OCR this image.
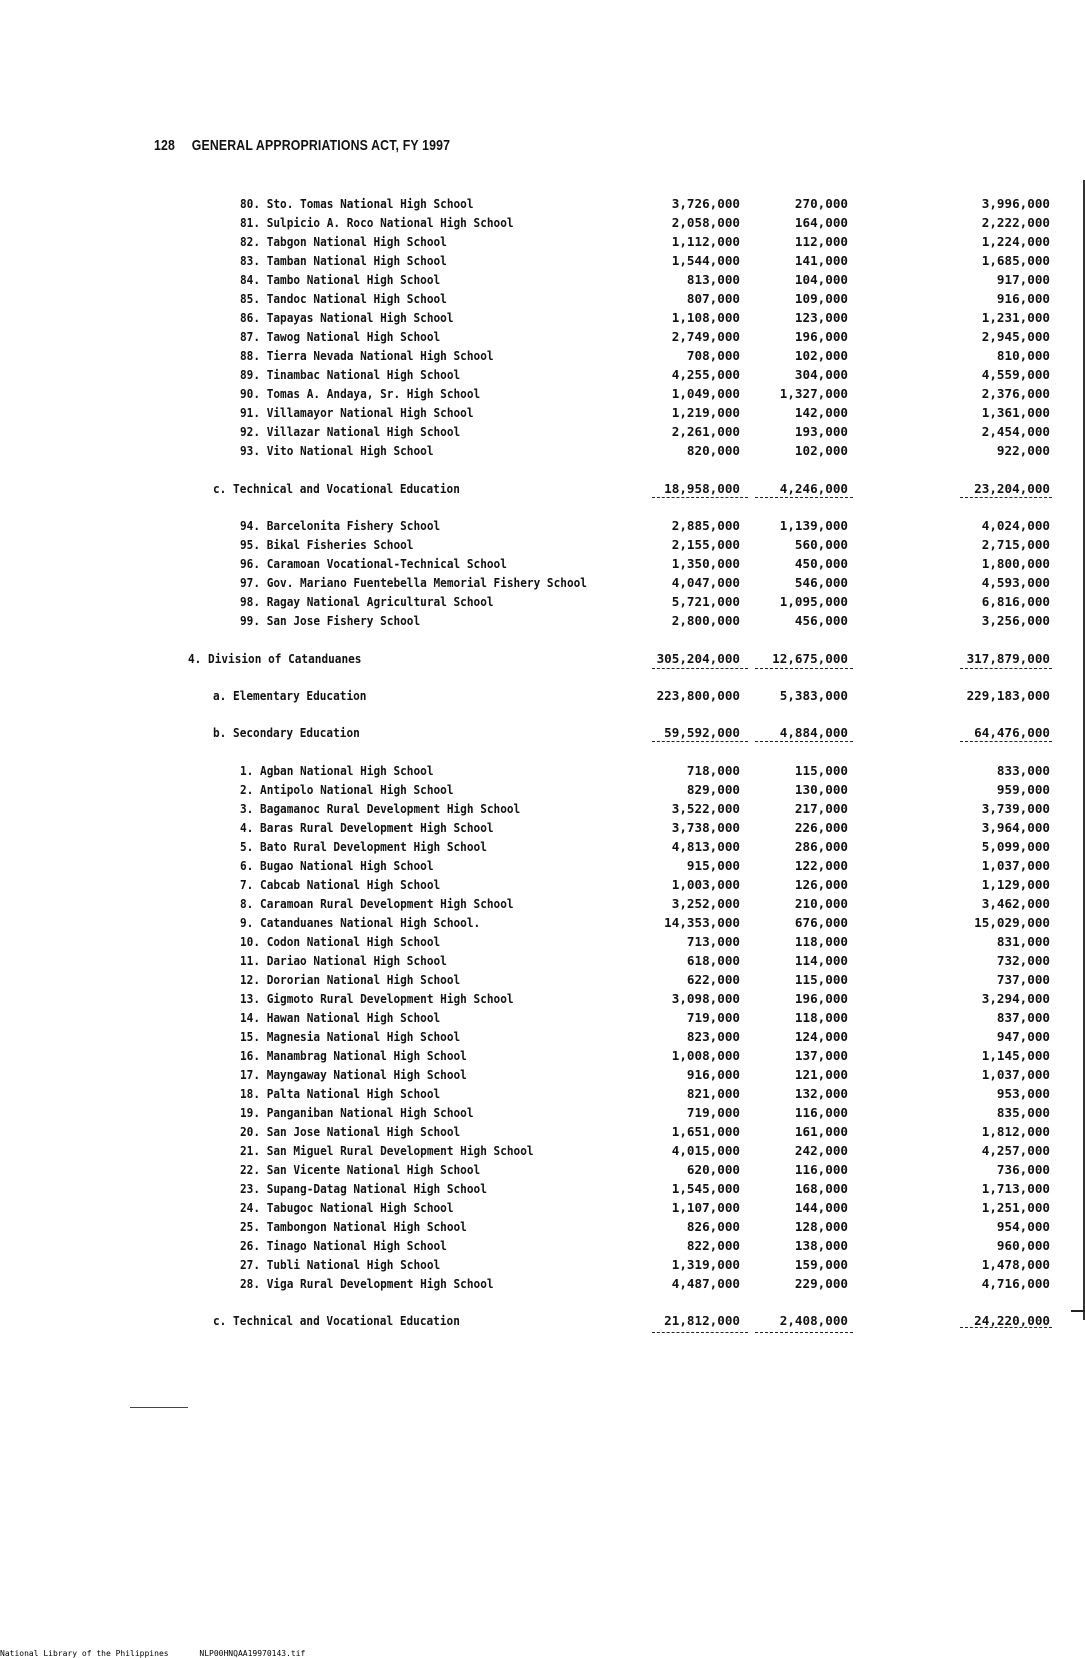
128 GENERAL APPROPRIATIONS ACT, FY 1997
80. Sto. Tomas National High School	3,726,000	270,000	3,996,000
81. Sulpicio A. Roco National High School	2,058,000	164,000	2,222,000
82. Tabgon National High School	1,112,000	112,000	1,224,000
83. Tamban National High School	1,544,000	141,000	1,685,000
84. Tambo National High School	813,000	104,000	917,000
85. Tandoc National High School	807,000	109,000	916,000
86. Tapayas National High School	1,108,000	123,000	1,231,000
87. Tawog National High School	2,749,000	196,000	2,945,000
88. Tierra Nevada National High School	708,000	102,000	810,000
89. Tinambac National High School	4,255,000	304,000	4,559,000
90. Tomas A. Andaya, Sr. High School	1,049,000	1,327,000	2,376,000
91. Villamayor National High School	1,219,000	142,000	1,361,000
92. Villazar National High School	2,261,000	193,000	2,454,000
93. Vito National High School	820,000	102,000	922,000
c. Technical and Vocational Education	18,958,000	4,246,000	23,204,000
94. Barcelonita Fishery School	2,885,000	1,139,000	4,024,000
95. Bikal Fisheries School	2,155,000	560,000	2,715,000
96. Caramoan Vocational-Technical School	1,350,000	450,000	1,800,000
97. Gov. Mariano Fuentebella Memorial Fishery School	4,047,000	546,000	4,593,000
98. Ragay National Agricultural School	5,721,000	1,095,000	6,816,000
99. San Jose Fishery School	2,800,000	456,000	3,256,000
4. Division of Catanduanes	305,204,000	12,675,000	317,879,000
a. Elementary Education	223,800,000	5,383,000	229,183,000
b. Secondary Education	59,592,000	4,884,000	64,476,000
1. Agban National High School	718,000	115,000	833,000
2. Antipolo National High School	829,000	130,000	959,000
3. Bagamanoc Rural Development High School	3,522,000	217,000	3,739,000
4. Baras Rural Development High School	3,738,000	226,000	3,964,000
5. Bato Rural Development High School	4,813,000	286,000	5,099,000
6. Bugao National High School	915,000	122,000	1,037,000
7. Cabcab National High School	1,003,000	126,000	1,129,000
8. Caramoan Rural Development High School	3,252,000	210,000	3,462,000
9. Catanduanes National High School.	14,353,000	676,000	15,029,000
10. Codon National High School	713,000	118,000	831,000
11. Dariao National High School	618,000	114,000	732,000
12. Dororian National High School	622,000	115,000	737,000
13. Gigmoto Rural Development High School	3,098,000	196,000	3,294,000
14. Hawan National High School	719,000	118,000	837,000
15. Magnesia National High School	823,000	124,000	947,000
16. Manambrag National High School	1,008,000	137,000	1,145,000
17. Mayngaway National High School	916,000	121,000	1,037,000
18. Palta National High School	821,000	132,000	953,000
19. Panganiban National High School	719,000	116,000	835,000
20. San Jose National High School	1,651,000	161,000	1,812,000
21. San Miguel Rural Development High School	4,015,000	242,000	4,257,000
22. San Vicente National High School	620,000	116,000	736,000
23. Supang-Datag National High School	1,545,000	168,000	1,713,000
24. Tabugoc National High School	1,107,000	144,000	1,251,000
25. Tambongon National High School	826,000	128,000	954,000
26. Tinago National High School	822,000	138,000	960,000
27. Tubli National High School	1,319,000	159,000	1,478,000
28. Viga Rural Development High School	4,487,000	229,000	4,716,000
c. Technical and Vocational Education	21,812,000	2,408,000	24,220,000
National Library of the Philippines	NLP00HNQAA19970143.tif
